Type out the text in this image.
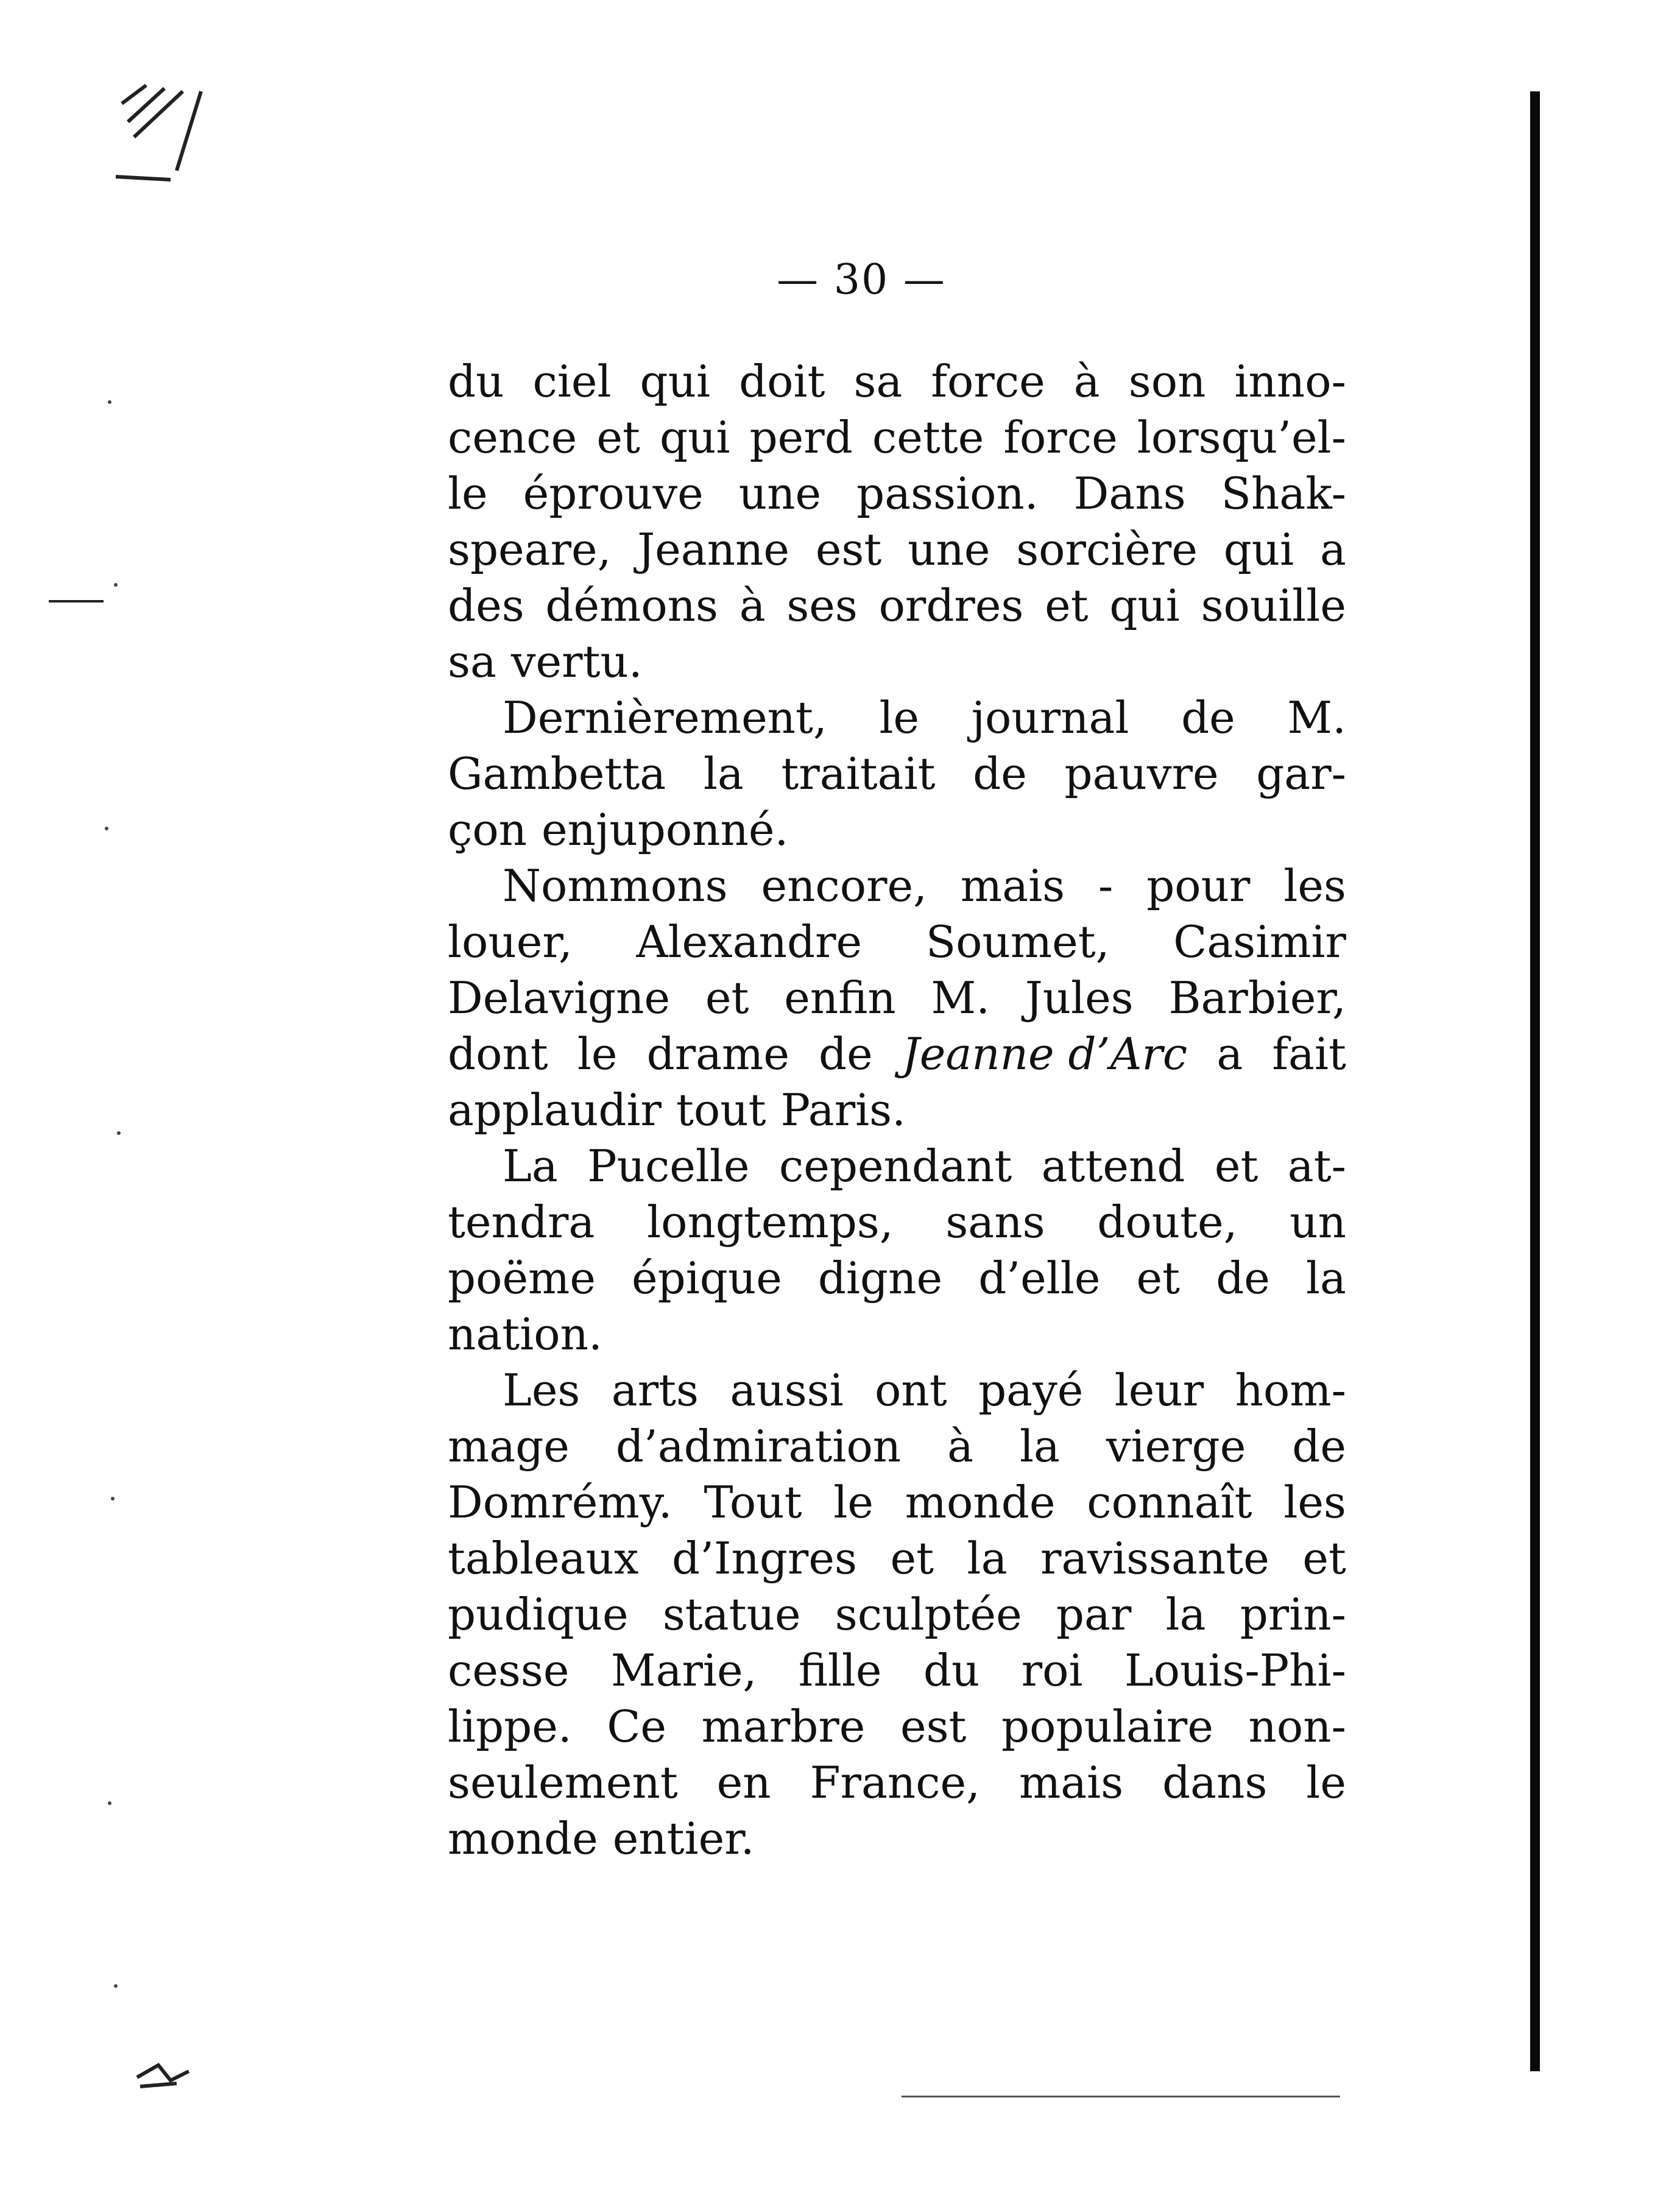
— 30 —
du ciel qui doit sa force à son inno-
cence et qui perd cette force lorsqu’el-
le éprouve une passion. Dans Shak-
speare, Jeanne est une sorcière qui a
des démons à ses ordres et qui souille
sa vertu.
Dernièrement, le journal de M.
Gambetta la traitait de pauvre gar-
çon enjuponné.
Nommons encore, mais - pour les
louer, Alexandre Soumet, Casimir
Delavigne et enfin M. Jules Barbier,
dont le drame de Jeanne d’Arc a fait
applaudir tout Paris.
La Pucelle cependant attend et at-
tendra longtemps, sans doute, un
poëme épique digne d’elle et de la
nation.
Les arts aussi ont payé leur hom-
mage d’admiration à la vierge de
Domrémy. Tout le monde connaît les
tableaux d’Ingres et la ravissante et
pudique statue sculptée par la prin-
cesse Marie, fille du roi Louis-Phi-
lippe. Ce marbre est populaire non-
seulement en France, mais dans le
monde entier.
